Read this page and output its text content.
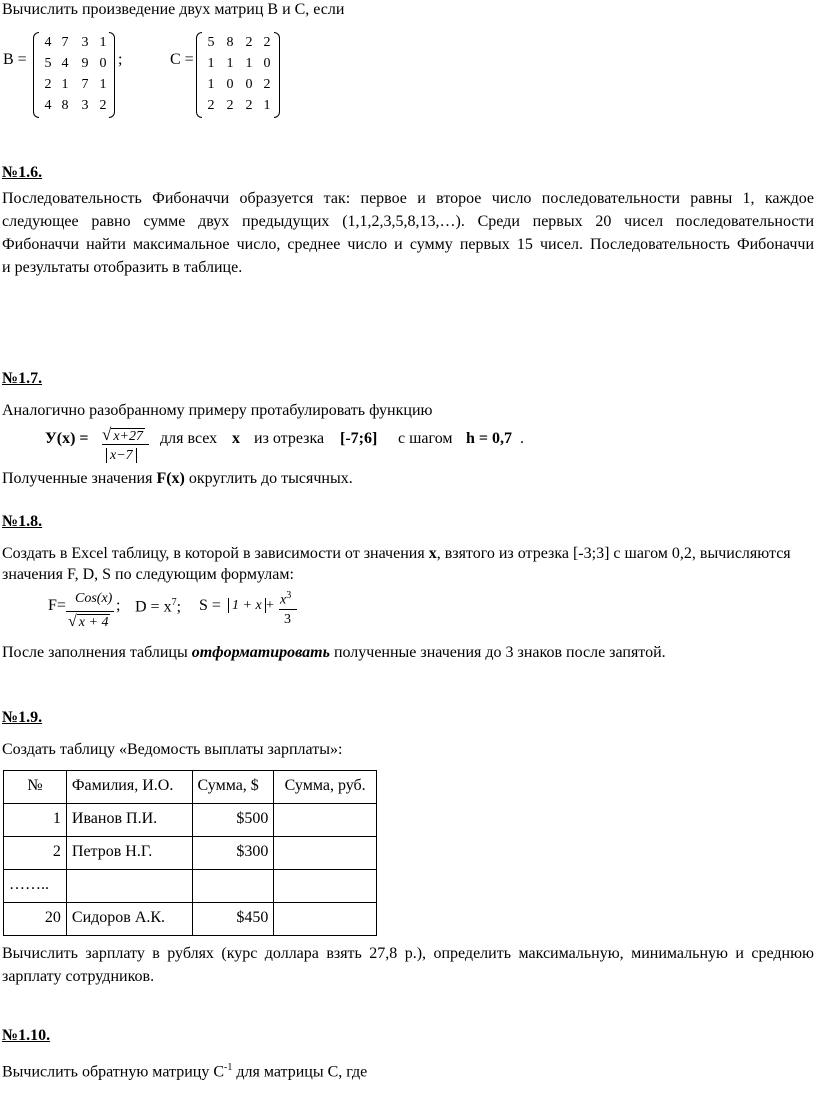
Вычислить произведение двух матриц B и C, если
B =
4 7 3 1
5 4 9 0
2 1 7 1
4 8 3 2
;	C =
5 8 2 2
1 1 1 0
1 0 0 2
2 2 2 1
№1.6.
Последовательность Фибоначчи образуется так: первое и второе число последовательности равны 1, каждое
следующее равно сумме двух предыдущих (1,1,2,3,5,8,13,…). Среди первых 20 чисел последовательности
Фибоначчи найти максимальное число, среднее число и сумму первых 15 чисел. Последовательность Фибоначчи
и результаты отобразить в таблице.
№1.7.
Аналогично разобранному примеру протабулировать функцию
У(x) = √ x+27
x−7
для всех x из отрезка [-7;6] с шагом h = 0,7 .
Полученные значения F(x) округлить до тысячных.
№1.8.
Создать в Excel таблицу, в которой в зависимости от значения x, взятого из отрезка [-3;3] с шагом 0,2, вычисляются
значения F, D, S по следующим формулам:
F= Cos(x)
√ x + 4
; $D = x^7$; $S = 1 + x + x^3$
3
После заполнения таблицы отформатировать полученные значения до 3 знаков после запятой.
№1.9.
Создать таблицу «Ведомость выплаты зарплаты»:
№	Фамилия, И.О.	Сумма, $	Сумма, руб.
1	Иванов П.И.	$500	
2	Петров Н.Г.	$300	
……..			
20	Сидоров А.К.	$450	
Вычислить зарплату в рублях (курс доллара взять 27,8 р.), определить максимальную, минимальную и среднюю
зарплату сотрудников.
№1.10.
Вычислить обратную матрицу $C^{-1}$ для матрицы C, где
